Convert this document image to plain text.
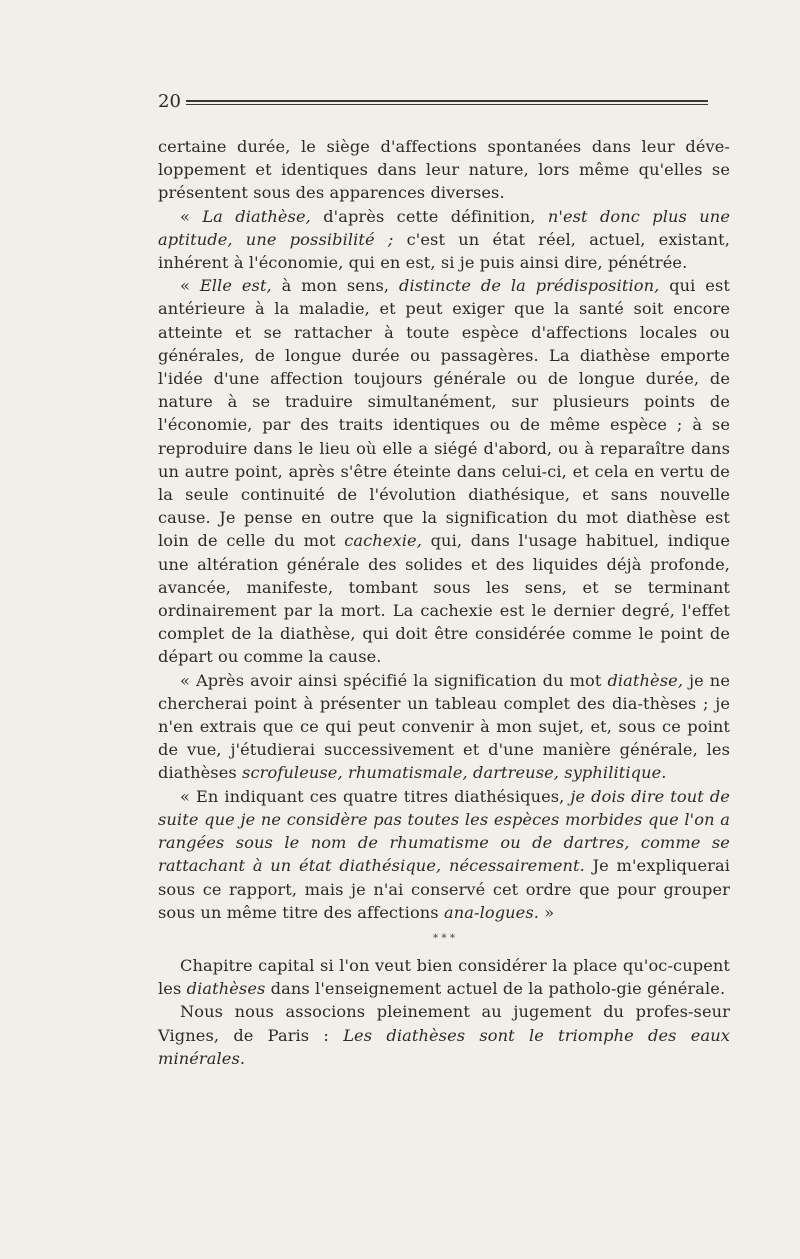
20

certaine durée, le siège d'affections spontanées dans leur déve-loppement et identiques dans leur nature, lors même qu'elles se présentent sous des apparences diverses.

« La diathèse, d'après cette définition, n'est donc plus une aptitude, une possibilité ; c'est un état réel, actuel, existant, inhérent à l'économie, qui en est, si je puis ainsi dire, pénétrée.

« Elle est, à mon sens, distincte de la prédisposition, qui est antérieure à la maladie, et peut exiger que la santé soit encore atteinte et se rattacher à toute espèce d'affections locales ou générales, de longue durée ou passagères. La diathèse emporte l'idée d'une affection toujours générale ou de longue durée, de nature à se traduire simultanément, sur plusieurs points de l'économie, par des traits identiques ou de même espèce ; à se reproduire dans le lieu où elle a siégé d'abord, ou à reparaître dans un autre point, après s'être éteinte dans celui-ci, et cela en vertu de la seule continuité de l'évolution diathésique, et sans nouvelle cause. Je pense en outre que la signification du mot diathèse est loin de celle du mot cachexie, qui, dans l'usage habituel, indique une altération générale des solides et des liquides déjà profonde, avancée, manifeste, tombant sous les sens, et se terminant ordinairement par la mort. La cachexie est le dernier degré, l'effet complet de la diathèse, qui doit être considérée comme le point de départ ou comme la cause.

« Après avoir ainsi spécifié la signification du mot diathèse, je ne chercherai point à présenter un tableau complet des dia-thèses ; je n'en extrais que ce qui peut convenir à mon sujet, et, sous ce point de vue, j'étudierai successivement et d'une manière générale, les diathèses scrofuleuse, rhumatismale, dartreuse, syphilitique.

« En indiquant ces quatre titres diathésiques, je dois dire tout de suite que je ne considère pas toutes les espèces morbides que l'on a rangées sous le nom de rhumatisme ou de dartres, comme se rattachant à un état diathésique, nécessairement. Je m'expliquerai sous ce rapport, mais je n'ai conservé cet ordre que pour grouper sous un même titre des affections ana-logues. »

* * *

Chapitre capital si l'on veut bien considérer la place qu'oc-cupent les diathèses dans l'enseignement actuel de la patholo-gie générale.

Nous nous associons pleinement au jugement du profes-seur Vignes, de Paris : Les diathèses sont le triomphe des eaux minérales.
